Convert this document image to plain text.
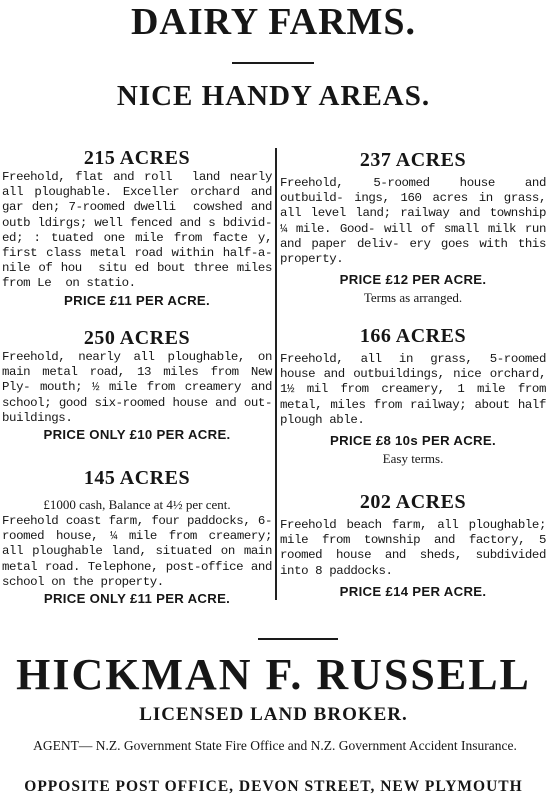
DAIRY FARMS.
NICE HANDY AREAS.

215 ACRES

Freehold, flat and roll  land nearly all ploughable. Exceller orchard and gar den; 7-roomed dwelli  cowshed and outb ldirgs; well fenced and s bdivid- ed; : tuated one mile from facte y, first class metal road within half-a-nile of hou  situ ed bout three miles from Le  on statio.

PRICE £11 PER ACRE.

250 ACRES

Freehold, nearly all ploughable, on main metal road, 13 miles from New Ply- mouth; ½ mile from creamery and school; good six-roomed house and out- buildings.

PRICE ONLY £10 PER ACRE.

145 ACRES

£1000 cash, Balance at 4½ per cent.

Freehold coast farm, four paddocks, 6- roomed house, ¼ mile from creamery; all ploughable land, situated on main metal road. Telephone, post-office and school on the property.

PRICE ONLY £11 PER ACRE.

237 ACRES

Freehold, 5-roomed house and outbuild- ings, 160 acres in grass, all level land; railway and township ¼ mile. Good- will of small milk run and paper deliv- ery goes with this property.

PRICE £12 PER ACRE.

Terms as arranged.

166 ACRES

Freehold, all in grass, 5-roomed house and outbuildings, nice orchard, 1½ mil from creamery, 1 mile from metal, miles from railway; about half plough able.

PRICE £8 10s PER ACRE.

Easy terms.

202 ACRES

Freehold beach farm, all ploughable; mile from township and factory, 5 roomed house and sheds, subdivided into 8 paddocks.

PRICE £14 PER ACRE.

HICKMAN F. RUSSELL
LICENSED LAND BROKER.
AGENT— N.Z. Government State Fire Office and N.Z. Government Accident Insurance.
OPPOSITE POST OFFICE, DEVON STREET, NEW PLYMOUTH
